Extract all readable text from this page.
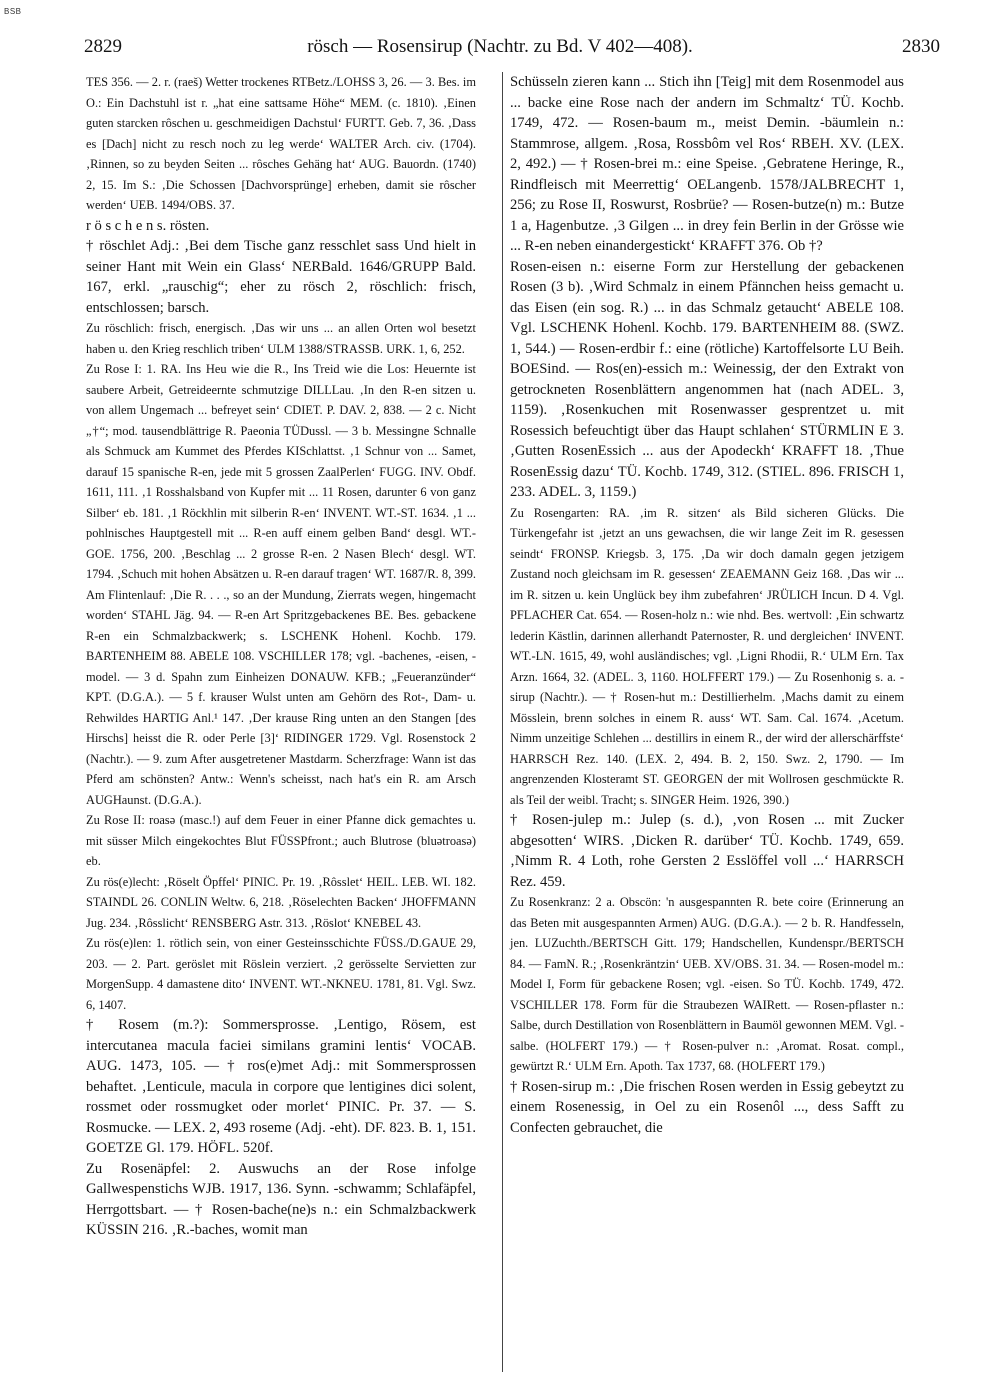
BSB
2829	rösch — Rosensirup (Nachtr. zu Bd. V 402—408).	2830

TES 356. — 2. r. (raeš) Wetter trockenes RTBetz./LOHSS 3, 26. — 3. Bes. im O.: Ein Dachstuhl ist r. „hat eine sattsame Höhe“ MEM. (c. 1810). ‚Einen guten starcken rôschen u. geschmeidigen Dachstul‘ FURTT. Geb. 7, 36. ‚Dass es [Dach] nicht zu resch noch zu leg werde‘ WALTER Arch. civ. (1704). ‚Rinnen, so zu beyden Seiten ... rôsches Gehäng hat‘ AUG. Bauordn. (1740) 2, 15. Im S.: ‚Die Schossen [Dachvorsprünge] erheben, damit sie rôscher werden‘ UEB. 1494/OBS. 37.

r ö s c h e n s. rösten.

† röschlet Adj.: ‚Bei dem Tische ganz resschlet sass Und hielt in seiner Hant mit Wein ein Glass‘ NERBald. 1646/GRUPP Bald. 167, erkl. „rauschig“; eher zu rösch 2, röschlich: frisch, entschlossen; barsch.

Zu röschlich: frisch, energisch. ‚Das wir uns ... an allen Orten wol besetzt haben u. den Krieg reschlich triben‘ ULM 1388/STRASSB. URK. 1, 6, 252.

Zu Rose I: 1. RA. Ins Heu wie die R., Ins Treid wie die Los: Heuernte ist saubere Arbeit, Getreideernte schmutzige DILLLau. ‚In den R-en sitzen u. von allem Ungemach ... befreyet sein‘ CDIET. P. DAV. 2, 838. — 2 c. Nicht „†“; mod. tausendblättrige R. Paeonia TÜDussl. — 3 b. Messingne Schnalle als Schmuck am Kummet des Pferdes KISchlattst. ‚1 Schnur von ... Samet, darauf 15 spanische R-en, jede mit 5 grossen ZaalPerlen‘ FUGG. INV. Obdf. 1611, 111. ‚1 Rosshalsband von Kupfer mit ... 11 Rosen, darunter 6 von ganz Silber‘ eb. 181. ‚1 Röckhlin mit silberin R-en‘ INVENT. WT.-ST. 1634. ‚1 ... pohlnisches Hauptgestell mit ... R-en auff einem gelben Band‘ desgl. WT.-GOE. 1756, 200. ‚Beschlag ... 2 grosse R-en. 2 Nasen Blech‘ desgl. WT. 1794. ‚Schuch mit hohen Absätzen u. R-en darauf tragen‘ WT. 1687/R. 8, 399. Am Flintenlauf: ‚Die R. . . ., so an der Mundung, Zierrats wegen, hingemacht worden‘ STAHL Jäg. 94. — R-en Art Spritzgebackenes BE. Bes. gebackene R-en ein Schmalzbackwerk; s. LSCHENK Hohenl. Kochb. 179. BARTENHEIM 88. ABELE 108. VSCHILLER 178; vgl. -bachenes, -eisen, -model. — 3 d. Spahn zum Einheizen DONAUW. KFB.; „Feueranzünder“ KPT. (D.G.A.). — 5 f. krauser Wulst unten am Gehörn des Rot-, Dam- u. Rehwildes HARTIG Anl.¹ 147. ‚Der krause Ring unten an den Stangen [des Hirschs] heisst die R. oder Perle [3]‘ RIDINGER 1729. Vgl. Rosenstock 2 (Nachtr.). — 9. zum After ausgetretener Mastdarm. Scherzfrage: Wann ist das Pferd am schönsten? Antw.: Wenn's scheisst, nach hat's ein R. am Arsch AUGHaunst. (D.G.A.).

Zu Rose II: roasə (masc.!) auf dem Feuer in einer Pfanne dick gemachtes u. mit süsser Milch eingekochtes Blut FÜSSPfront.; auch Blutrose (bluətroasə) eb.

Zu rös(e)lecht: ‚Röselt Öpffel‘ PINIC. Pr. 19. ‚Rôsslet‘ HEIL. LEB. WI. 182. STAINDL 26. CONLIN Weltw. 6, 218. ‚Röselechten Backen‘ JHOFFMANN Jug. 234. ‚Rôsslicht‘ RENSBERG Astr. 313. ‚Röslot‘ KNEBEL 43.

Zu rös(e)len: 1. rötlich sein, von einer Gesteinsschichte FÜSS./D.GAUE 29, 203. — 2. Part. geröslet mit Röslein verziert. ‚2 gerösselte Servietten zur MorgenSupp. 4 damastene dito‘ INVENT. WT.-NKNEU. 1781, 81. Vgl. Swz. 6, 1407.

† Rosem (m.?): Sommersprosse. ‚Lentigo, Rösem, est intercutanea macula faciei similans gramini lentis‘ VOCAB. AUG. 1473, 105. — † ros(e)met Adj.: mit Sommersprossen behaftet. ‚Lenticule, macula in corpore que lentigines dici solent, rossmet oder rossmugket oder morlet‘ PINIC. Pr. 37. — S. Rosmucke. — LEX. 2, 493 roseme (Adj. -eht). DF. 823. B. 1, 151. GOETZE Gl. 179. HÖFL. 520f.

Zu Rosenäpfel: 2. Auswuchs an der Rose infolge Gallwespenstichs WJB. 1917, 136. Synn. -schwamm; Schlafäpfel, Herrgottsbart. — † Rosen-bache(ne)s n.: ein Schmalzbackwerk KÜSSIN 216. ‚R.-baches, womit man

Schüsseln zieren kann ... Stich ihn [Teig] mit dem Rosenmodel aus ... backe eine Rose nach der andern im Schmaltz‘ TÜ. Kochb. 1749, 472. — Rosen-baum m., meist Demin. -bäumlein n.: Stammrose, allgem. ‚Rosa, Rossbôm vel Ros‘ RBEH. XV. (LEX. 2, 492.) — † Rosen-brei m.: eine Speise. ‚Gebratene Heringe, R., Rindfleisch mit Meerrettig‘ OELangenb. 1578/JALBRECHT 1, 256; zu Rose II, Roswurst, Rosbrüe? — Rosen-butze(n) m.: Butze 1 a, Hagenbutze. ‚3 Gilgen ... in drey fein Berlin in der Grösse wie ... R-en neben einandergestickt‘ KRAFFT 376. Ob †?

Rosen-eisen n.: eiserne Form zur Herstellung der gebackenen Rosen (3 b). ‚Wird Schmalz in einem Pfännchen heiss gemacht u. das Eisen (ein sog. R.) ... in das Schmalz getaucht‘ ABELE 108. Vgl. LSCHENK Hohenl. Kochb. 179. BARTENHEIM 88. (SWZ. 1, 544.) — Rosen-erdbir f.: eine (rötliche) Kartoffelsorte LU Beih. BOESind. — Ros(en)-essich m.: Weinessig, der den Extrakt von getrockneten Rosenblättern angenommen hat (nach ADEL. 3, 1159). ‚Rosenkuchen mit Rosenwasser gesprentzet u. mit Rosessich befeuchtigt über das Haupt schlahen‘ STÜRMLIN E 3. ‚Gutten RosenEssich ... aus der Apodeckh‘ KRAFFT 18. ‚Thue RosenEssig dazu‘ TÜ. Kochb. 1749, 312. (STIEL. 896. FRISCH 1, 233. ADEL. 3, 1159.)

Zu Rosengarten: RA. ‚im R. sitzen‘ als Bild sicheren Glücks. Die Türkengefahr ist ‚jetzt an uns gewachsen, die wir lange Zeit im R. gesessen seindt‘ FRONSP. Kriegsb. 3, 175. ‚Da wir doch damaln gegen jetzigem Zustand noch gleichsam im R. gesessen‘ ZEAEMANN Geiz 168. ‚Das wir ... im R. sitzen u. kein Unglück bey ihm zubefahren‘ JRÜLICH Incun. D 4. Vgl. PFLACHER Cat. 654. — Rosen-holz n.: wie nhd. Bes. wertvoll: ‚Ein schwartz lederin Kästlin, darinnen allerhandt Paternoster, R. und dergleichen‘ INVENT. WT.-LN. 1615, 49, wohl ausländisches; vgl. ‚Ligni Rhodii, R.‘ ULM Ern. Tax Arzn. 1664, 32. (ADEL. 3, 1160. HOLFFERT 179.) — Zu Rosenhonig s. a. -sirup (Nachtr.). — † Rosen-hut m.: Destillierhelm. ‚Machs damit zu einem Mösslein, brenn solches in einem R. auss‘ WT. Sam. Cal. 1674. ‚Acetum. Nimm unzeitige Schlehen ... destillirs in einem R., der wird der allerschärffste‘ HARRSCH Rez. 140. (LEX. 2, 494. B. 2, 150. Swz. 2, 1790. — Im angrenzenden Klosteramt ST. GEORGEN der mit Wollrosen geschmückte R. als Teil der weibl. Tracht; s. SINGER Heim. 1926, 390.)

† Rosen-julep m.: Julep (s. d.), ‚von Rosen ... mit Zucker abgesotten‘ WIRS. ‚Dicken R. darüber‘ TÜ. Kochb. 1749, 659. ‚Nimm R. 4 Loth, rohe Gersten 2 Esslöffel voll ...‘ HARRSCH Rez. 459.

Zu Rosenkranz: 2 a. Obscön: 'n ausgespannten R. bete coire (Erinnerung an das Beten mit ausgespannten Armen) AUG. (D.G.A.). — 2 b. R. Handfesseln, jen. LUZuchth./BERTSCH Gitt. 179; Handschellen, Kundenspr./BERTSCH 84. — FamN. R.; ‚Rosenkräntzin‘ UEB. XV/OBS. 31. 34. — Rosen-model m.: Model I, Form für gebackene Rosen; vgl. -eisen. So TÜ. Kochb. 1749, 472. VSCHILLER 178. Form für die Straubezen WAIRett. — Rosen-pflaster n.: Salbe, durch Destillation von Rosenblättern in Baumöl gewonnen MEM. Vgl. -salbe. (HOLFERT 179.) — † Rosen-pulver n.: ‚Aromat. Rosat. compl., gewürtzt R.‘ ULM Ern. Apoth. Tax 1737, 68. (HOLFERT 179.)

† Rosen-sirup m.: ‚Die frischen Rosen werden in Essig gebeytzt zu einem Rosenessig, in Oel zu ein Rosenôl ..., dess Safft zu Confecten gebrauchet, die
